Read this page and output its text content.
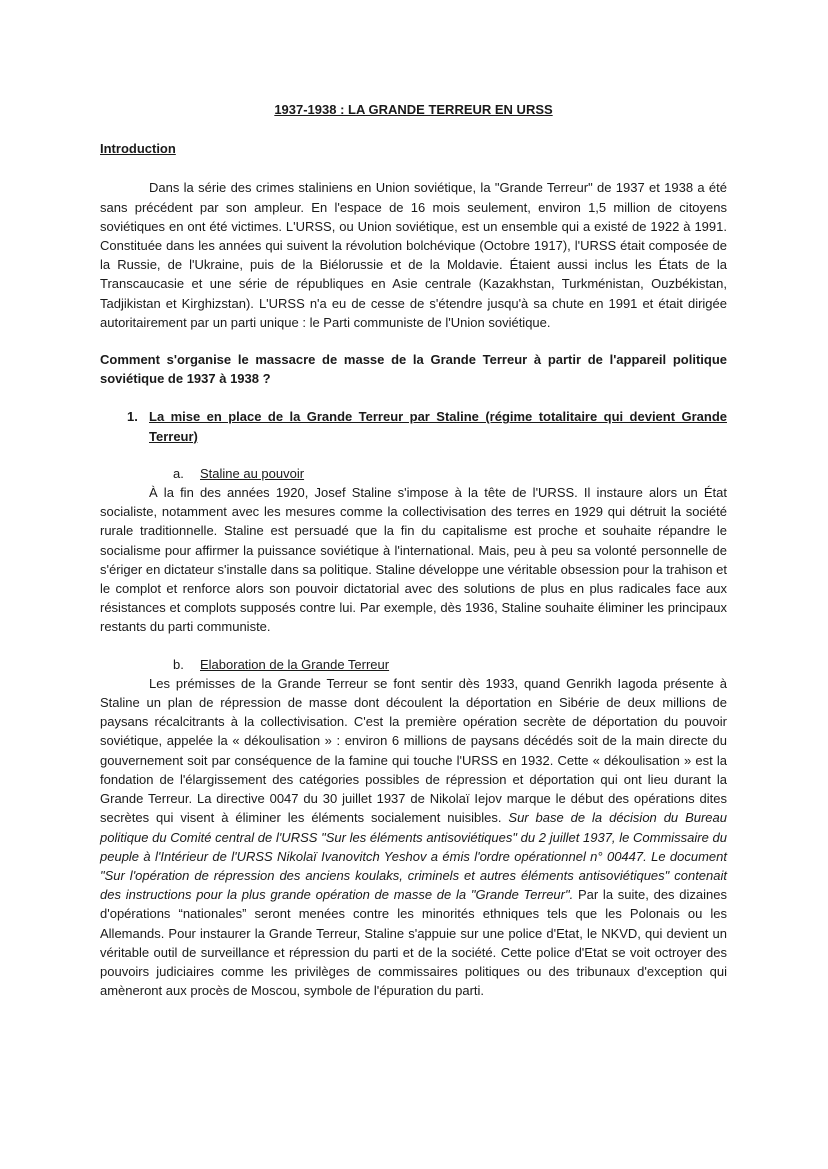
1937-1938 : LA GRANDE TERREUR EN URSS
Introduction

Dans la série des crimes staliniens en Union soviétique, la "Grande Terreur" de 1937 et 1938 a été sans précédent par son ampleur. En l'espace de 16 mois seulement, environ 1,5 million de citoyens soviétiques en ont été victimes. L'URSS, ou Union soviétique, est un ensemble qui a existé de 1922 à 1991. Constituée dans les années qui suivent la révolution bolchévique (Octobre 1917), l'URSS était composée de la Russie, de l'Ukraine, puis de la Biélorussie et de la Moldavie. Étaient aussi inclus les États de la Transcaucasie et une série de républiques en Asie centrale (Kazakhstan, Turkménistan, Ouzbékistan, Tadjikistan et Kirghizstan). L'URSS n'a eu de cesse de s'étendre jusqu'à sa chute en 1991 et était dirigée autoritairement par un parti unique : le Parti communiste de l'Union soviétique.

Comment s'organise le massacre de masse de la Grande Terreur à partir de l'appareil politique soviétique de 1937 à 1938 ?
1. La mise en place de la Grande Terreur par Staline (régime totalitaire qui devient Grande Terreur)
a.	Staline au pouvoir

À la fin des années 1920, Josef Staline s'impose à la tête de l'URSS. Il instaure alors un État socialiste, notamment avec les mesures comme la collectivisation des terres en 1929 qui détruit la société rurale traditionnelle. Staline est persuadé que la fin du capitalisme est proche et souhaite répandre le socialisme pour affirmer la puissance soviétique à l'international. Mais, peu à peu sa volonté personnelle de s'ériger en dictateur s'installe dans sa politique. Staline développe une véritable obsession pour la trahison et le complot et renforce alors son pouvoir dictatorial avec des solutions de plus en plus radicales face aux résistances et complots supposés contre lui. Par exemple, dès 1936, Staline souhaite éliminer les principaux restants du parti communiste.

b.	Elaboration de la Grande Terreur

Les prémisses de la Grande Terreur se font sentir dès 1933, quand Genrikh Iagoda présente à Staline un plan de répression de masse dont découlent la déportation en Sibérie de deux millions de paysans récalcitrants à la collectivisation. C'est la première opération secrète de déportation du pouvoir soviétique, appelée la « dékoulisation » : environ 6 millions de paysans décédés soit de la main directe du gouvernement soit par conséquence de la famine qui touche l'URSS en 1932. Cette « dékoulisation » est la fondation de l'élargissement des catégories possibles de répression et déportation qui ont lieu durant la Grande Terreur. La directive 0047 du 30 juillet 1937 de Nikolaï Iejov marque le début des opérations dites secrètes qui visent à éliminer les éléments socialement nuisibles. Sur base de la décision du Bureau politique du Comité central de l'URSS "Sur les éléments antisoviétiques" du 2 juillet 1937, le Commissaire du peuple à l'Intérieur de l'URSS Nikolaï Ivanovitch Yeshov a émis l'ordre opérationnel n° 00447. Le document "Sur l'opération de répression des anciens koulaks, criminels et autres éléments antisoviétiques" contenait des instructions pour la plus grande opération de masse de la "Grande Terreur". Par la suite, des dizaines d'opérations “nationales” seront menées contre les minorités ethniques tels que les Polonais ou les Allemands. Pour instaurer la Grande Terreur, Staline s'appuie sur une police d'Etat, le NKVD, qui devient un véritable outil de surveillance et répression du parti et de la société. Cette police d'Etat se voit octroyer des pouvoirs judiciaires comme les privilèges de commissaires politiques ou des tribunaux d'exception qui amèneront aux procès de Moscou, symbole de l'épuration du parti.
